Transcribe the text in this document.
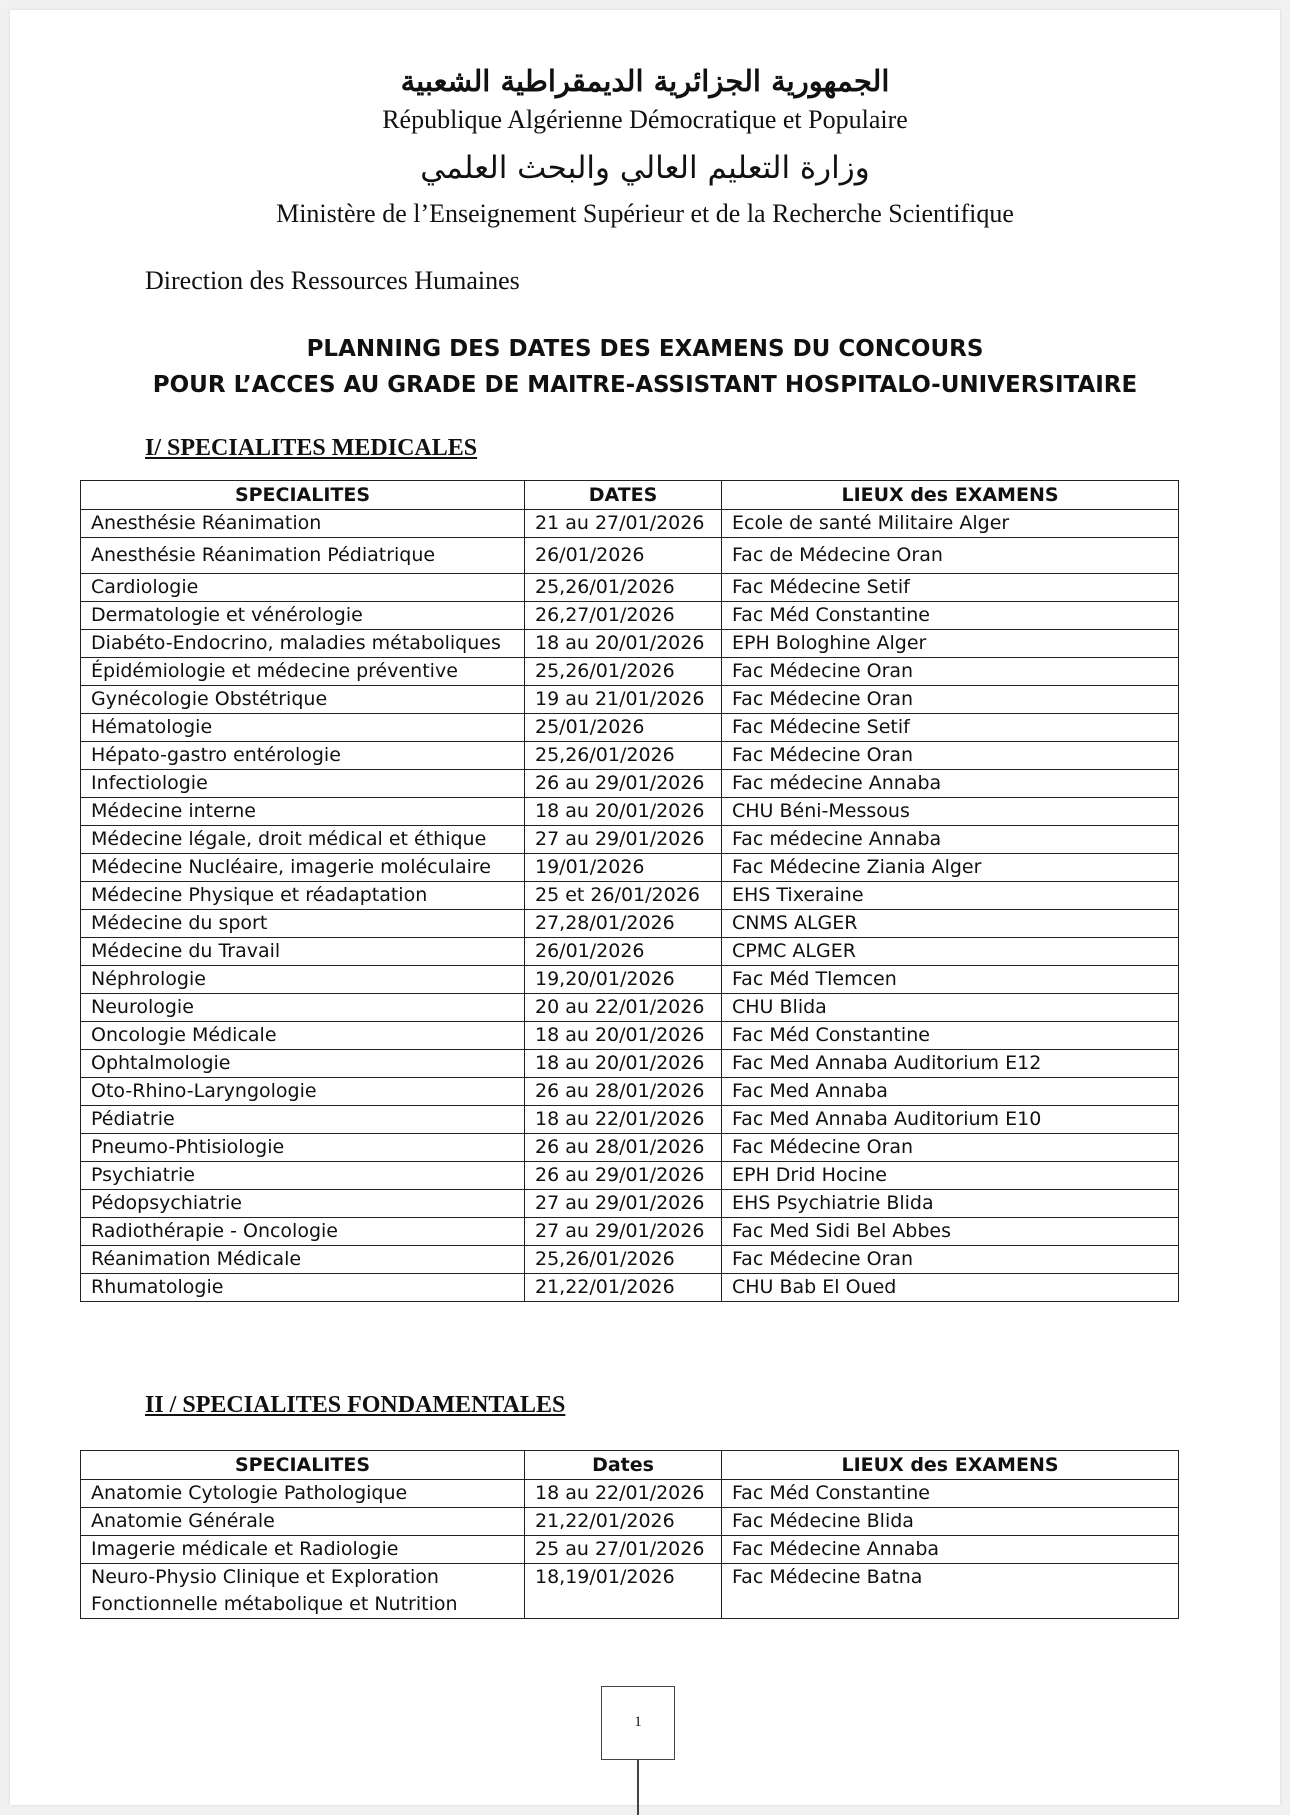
الجمهورية الجزائرية الديمقراطية الشعبية
République Algérienne Démocratique et Populaire
وزارة التعليم العالي والبحث العلمي
Ministère de l’Enseignement Supérieur et de la Recherche Scientifique
Direction des Ressources Humaines
PLANNING DES DATES DES EXAMENS DU CONCOURS
POUR L’ACCES AU GRADE DE MAITRE-ASSISTANT HOSPITALO-UNIVERSITAIRE
I/ SPECIALITES MEDICALES
SPECIALITES	DATES	LIEUX des EXAMENS
Anesthésie Réanimation	21 au 27/01/2026	Ecole de santé Militaire Alger
Anesthésie Réanimation Pédiatrique	26/01/2026	Fac de Médecine Oran
Cardiologie	25,26/01/2026	Fac Médecine Setif
Dermatologie et vénérologie	26,27/01/2026	Fac Méd Constantine
Diabéto-Endocrino, maladies métaboliques	18 au 20/01/2026	EPH Bologhine Alger
Épidémiologie et médecine préventive	25,26/01/2026	Fac Médecine Oran
Gynécologie Obstétrique	19 au 21/01/2026	Fac Médecine Oran
Hématologie	25/01/2026	Fac Médecine Setif
Hépato-gastro entérologie	25,26/01/2026	Fac Médecine Oran
Infectiologie	26 au 29/01/2026	Fac médecine Annaba
Médecine interne	18 au 20/01/2026	CHU Béni-Messous
Médecine légale, droit médical et éthique	27 au 29/01/2026	Fac médecine Annaba
Médecine Nucléaire, imagerie moléculaire	19/01/2026	Fac Médecine Ziania Alger
Médecine Physique et réadaptation	25 et 26/01/2026	EHS Tixeraine
Médecine du sport	27,28/01/2026	CNMS ALGER
Médecine du Travail	26/01/2026	CPMC ALGER
Néphrologie	19,20/01/2026	Fac Méd Tlemcen
Neurologie	20 au 22/01/2026	CHU Blida
Oncologie Médicale	18 au 20/01/2026	Fac Méd Constantine
Ophtalmologie	18 au 20/01/2026	Fac Med Annaba Auditorium E12
Oto-Rhino-Laryngologie	26 au 28/01/2026	Fac Med Annaba
Pédiatrie	18 au 22/01/2026	Fac Med Annaba Auditorium E10
Pneumo-Phtisiologie	26 au 28/01/2026	Fac Médecine Oran
Psychiatrie	26 au 29/01/2026	EPH Drid Hocine
Pédopsychiatrie	27 au 29/01/2026	EHS Psychiatrie Blida
Radiothérapie - Oncologie	27 au 29/01/2026	Fac Med Sidi Bel Abbes
Réanimation Médicale	25,26/01/2026	Fac Médecine Oran
Rhumatologie	21,22/01/2026	CHU Bab El Oued
II / SPECIALITES FONDAMENTALES
SPECIALITES	Dates	LIEUX des EXAMENS
Anatomie Cytologie Pathologique	18 au 22/01/2026	Fac Méd Constantine
Anatomie Générale	21,22/01/2026	Fac Médecine Blida
Imagerie médicale et Radiologie	25 au 27/01/2026	Fac Médecine Annaba
Neuro-Physio Clinique et Exploration Fonctionnelle métabolique et Nutrition	18,19/01/2026	Fac Médecine Batna
1
